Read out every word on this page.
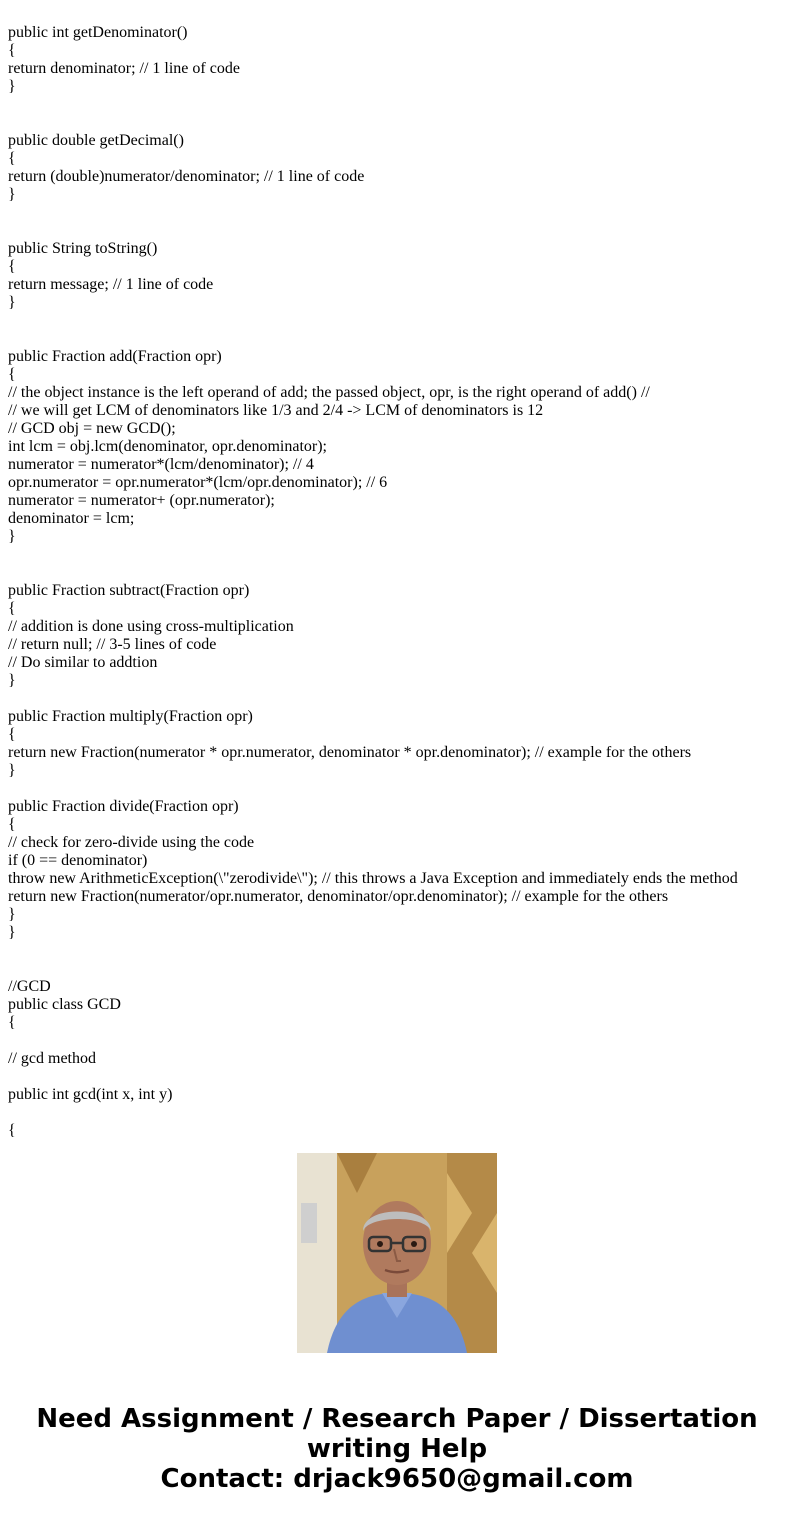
public int getDenominator()
{
return denominator; // 1 line of code
}
public double getDecimal()
{
return (double)numerator/denominator; // 1 line of code
}
public String toString()
{
return message; // 1 line of code
}
public Fraction add(Fraction opr)
{
// the object instance is the left operand of add; the passed object, opr, is the right operand of add() //
// we will get LCM of denominators like 1/3 and 2/4 -> LCM of denominators is 12
// GCD obj = new GCD();
int lcm = obj.lcm(denominator, opr.denominator);
numerator = numerator*(lcm/denominator); // 4
opr.numerator = opr.numerator*(lcm/opr.denominator); // 6
numerator = numerator+ (opr.numerator);
denominator = lcm;
}
public Fraction subtract(Fraction opr)
{
// addition is done using cross-multiplication
// return null; // 3-5 lines of code
// Do similar to addtion
}
public Fraction multiply(Fraction opr)
{
return new Fraction(numerator * opr.numerator, denominator * opr.denominator); // example for the others
}
public Fraction divide(Fraction opr)
{
// check for zero-divide using the code
if (0 == denominator)
throw new ArithmeticException(\"zerodivide\"); // this throws a Java Exception and immediately ends the method
return new Fraction(numerator/opr.numerator, denominator/opr.denominator); // example for the others
}
}
//GCD
public class GCD
{
// gcd method
public int gcd(int x, int y)
{
Need Assignment / Research Paper / Dissertation
writing Help
Contact: drjack9650@gmail.com
